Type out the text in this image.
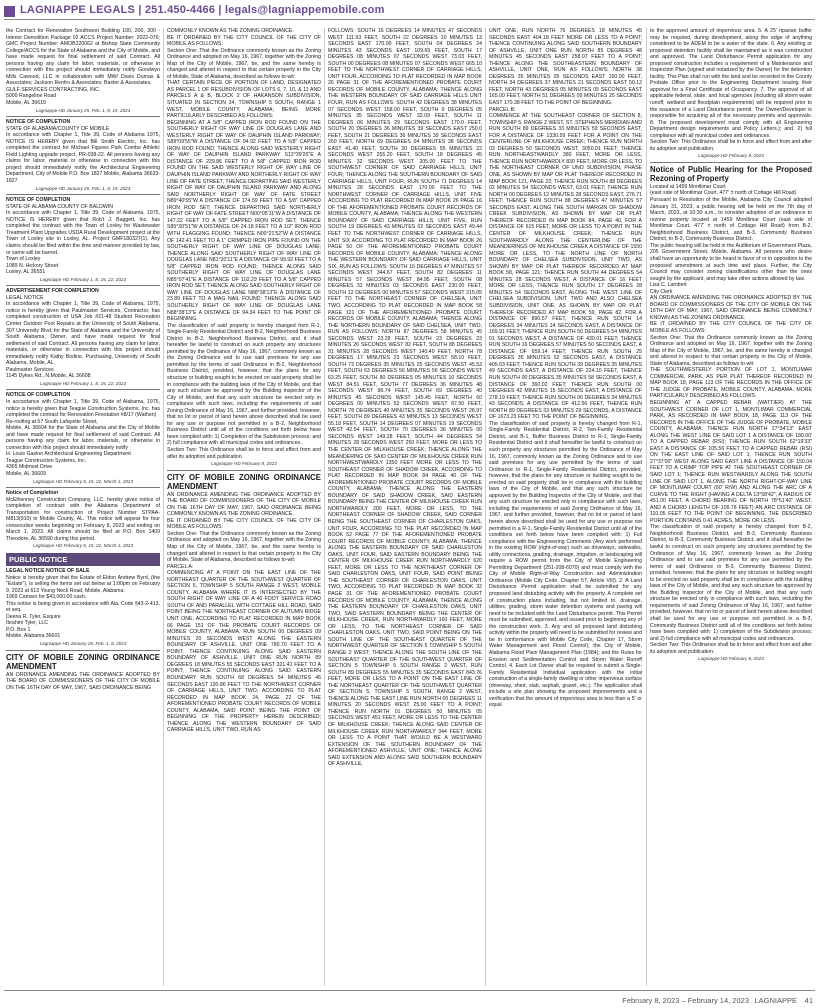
LAGNIAPPE LEGALS | 251.450-4466 | legals@lagniappemobile.com

the Contract for Renovation Southwest Building 100, 200, 300 - Interior Demolition Package 02 ACCS Project Number: 2022-076; GMC Project Number: AMOB220062 at Bishop State Community College/ACCS for the State of Alabama and the City of Mobile, and have made request for final settlement of said Contract. All persons having any claim for labor, materials, or otherwise in connection with this project should immediately notify Goodwyn Mills Cawood, LLC in collaboration with MW/ Davis Dumas & Associates; Jackson Renfro & Associates; Baxter & Associates.

GULF SERVICES CONTRACTING, INC.

5000 Rangeline Road

Mobile, AL 36619

Lagniappe HD January 25, Feb. 1, 8, 15, 2023
NOTICE OF COMPLETION

STATE OF ALABAMA/COUNTY OF MOBILE

In accordance with Chapter 1, Title 39, Code of Alabama 1975, NOTICE IS HEREBY given that Bill Smith Electric, Inc. has completed the contract for Michael Figures Park Combo Athletic Field Lighting upgrade project, PR-038-22. All persons having any claims for labor, material or otherwise in connection with this project should immediately notify the Architectural Engineering Department, City of Mobile P.O. Box 1827 Mobile, Alabama 36633-1827

Lagniappe HD January 25, Feb. 1, 8, 15, 2023
NOTICE OF COMPLETION

STATE OF ALABAMA COUNTY OF BALDWIN

In accordance with Chapter 1, Title 39, Code of Alabama, 1975, NOTICE IS HEREBY given that Rob't J. Baggett, Inc. has completed the contract with the Town of Loxley for Wastewater Treatment Plant Upgrades USDA Rural Development project at the Town of Loxley site in Loxley, AL. Project GMF180327(1). Any claims should be filed within the time and manner provided by law, or same will be barred.

Town of Loxley

1089 N. Hickory Street

Loxley, AL 36551

Lagniappe HD February 1, 8, 15, 22, 2023
ADVERTISEMENT FOR COMPLETION

LEGAL NOTICE

In accordance with Chapter 1, Title 39, Code of Alabama, 1975, notice is hereby given that Paulmaster Services, Contractor, has completed construction of USA Job #21-48 Student Recreation Center Outdoor Pool Repairs at the University of South Alabama, 307 University Blvd, for the State of Alabama and the University of South Alabama, Owner, and have made request for final settlement of said Contract. All persons having any claim for labor, materials, or otherwise in connection with this project should immediately notify Kathy Bodine, Purchasing, University of South Alabama, Mobile, AL.

Paulmaster Services

1145 Dykes Rd., N.Mobile, AL 36608

Lagniappe HD February 1, 8, 15, 22, 2023
NOTICE OF COMPLETION

In accordance with Chapter 1, Title 39, Code of Alabama, 1975, notice is hereby given that Teague Construction Systems, Inc. has completed the contract for Renovation Firestation #8/17 (Wathen)

Re-roofing at 57 South Lafayette Street,

Mobile, AL 36604 for the State of Alabama and the City of Mobile and have made request for final settlement of said Contract. All persons having any claim for labor, materials, or otherwise in connection with this project should immediately notify

H. Louis Gasker Architectural Engineering Department

Teague Construction Systems, Inc.

4365 Midmost Drive

Mobile, AL 36609

Lagniappe HD February 8, 15, 22, March 1, 2023
Notice of Completion

McElhenney Construction Company, LLC. hereby gives notice of completion of contract with the Alabama Department of Transportation for construction of Project Number STPAA-M813(910) in Mobile County, AL. This notice will appear for four consecutive weeks beginning on February 8, 2023 and ending on March 1, 2023. All claims should be filed at P.O. Box 1409 Theodore, AL 36590 during this period.

Lagniappe HD February 8, 15, 22, March 1, 2023
PUBLIC NOTICE
LEGAL NOTICE NOTICE OF SALE

Notice is hereby given that the Estate of Eldon Andrew Byrd, (the "Estate"), is selling the items set out below at 1:00pm on February 9, 2023 at 613 Young Neck Road, Mobile, Alabama:

1969 Camaro for $43,000.00 cash.

This notice is being given in accordance with Ala. Code §43-2-413, et seq.

Deena R. Tyler, Esquire

Ibrahim Tyler, LLC

P.O. Box 1

Mobile, Alabama 36601

Lagniappe HD January 25, Feb. 1, 8, 2023
CITY OF MOBILE ZONING ORDINANCE AMENDMENT

AN ORDINANCE AMENDING THE ORDINANCE ADOPTED BY THE BOARD OF COMMISSIONERS OF THE CITY OF MOBILE ON THE 16TH DAY OF MAY, 1967, SAID ORDINANCE BEING

COMMONLY KNOWN AS THE ZONING ORDINANCE.

BE IT ORDAINED BY THE CITY COUNCIL OF THE CITY OF MOBILE AS FOLLOWS:

Section One: That the Ordinance commonly known as the Zoning Ordinance and adopted on May 16, 1967, together with the Zoning Map of the City of Mobile, 1967, be, and the same hereby is changed and altered in respect to that certain property in the City of Mobile, State of Alabama, described as follows to-wit:

THAT CERTAIN PIECE OF PORTION OF LAND, DESIGNATED AS PARCEL 1 OF RESUBDIVISION OF LOTS 6, 7, 10, & 11 AND PARCELS A & B, BLOCK 2 OF HAKANSON SUBDIVISION, SITUATED IN SECTION 34, TOWNSHIP 5 SOUTH, RANGE 1 WEST, MOBILE COUNTY, ALABAMA; BEING MORE PARTICULARLY DESCRIBED AS FOLLOWS:

BEGINNING AT A 5/8" CAPPED IRON ROD FOUND ON THE SOUTHERLY RIGHT OF WAY LINE OF DOUGLAS LANE AND WESTERLY RIGHT OF WAY OF DAUPHIN ISLAND PARKWAY; S89°09'55"W A DISTANCE OF 94.92 FEET TO A 5/8" CAPPED IRON ROD FOUND; THENCE ALONG SAID WESTERLY RIGHT OF WAY OF DAUPHIN ISLAND PARKWAY S12°39'26"E A DISTANCE OF 229.86 FEET TO A 5/8" CAPPED IRON ROD FOUND ON THE SAID WESTERLY RIGHT OF WAY LINE OF DAUPHIN ISLAND PARKWAY AND NORTHERLY RIGHT OF WAY LINE OF FATE STREET, THENCE DEPARTING SAID WESTERLY RIGHT OF WAY OF DAUPHIN ISLAND PARKWAY AND ALONG SAID NORTHERLY RIGHT OF WAY OF FATE STREET N89°40'55"W A DISTANCE OF 174.59 FEET TO A 5/8" CAPPED IRON ROD SET; THENCE DEPARTING SAID NORTHERLY RIGHT OF WAY OF FATE STREET N00°05'11"W A DISTANCE OF 147.22 FEET TO A 5/8" CAPPED IRON ROD SET; THENCE S85°30'51"W A DISTANCE OF 24.18 FEET TO A 1/2" IRON ROD WITH FLAGGING FOUND; THENCE N00°21'52"W A DISTANCE OF 142.41 FEET TO A 1" CRIMPED IRON PIPE FOUND ON THE SOUTHERLY RIGHT OF WAY LINE OF DOUGLAS LANE; THENCE ALONG SAID SOUTHERLY RIGHT OF WAY LINE OF DOUGLAS LANE N81°20'11"E A DISTANCE OF 99.92 FEET TO A 5/8" CAPPED IRON ROD FOUND; THENCE ALONG SAID SOUTHERLY RIGHT OF WAY LINE OF DOUGLAS LANE N85°07'41"E A DISTANCE OF 102.29 FEET TO A 5/8" CAPPED IRON ROD SET; THENCE ALONG SAID SOUTHERLY RIGHT OF WAY LINE OF DOUGLAS LANE N88°38'13"E A DISTANCE OF 23.89 FEET TO A MAG NAIL FOUND; THENCE ALONG SAID SOUTHERLY RIGHT OF WAY LINE OF DOUGLAS LANE N88°38'13"E A DISTANCE OF 94.34 FEET TO THE POINT OF BEGINNING.

The classification of said property is hereby changed from R-1, Single-Family Residential District and B-2, Neighborhood Business District to B-2, Neighborhood Business District, and it shall hereafter be lawful to construct on such property any structures permitted by the Ordinance of May 16, 1967, commonly known as the Zoning Ordinance and to use said premises for any use permitted by the terms of said Ordinance in B-2, Neighborhood Business District, provided, however, that the plans for any structure or building sought to be erected on said property shall be in compliance with the building laws of the City of Mobile, and that any such structure be approved by the Building Inspector of the City of Mobile, and that any such structure be erected only in compliance with such laws, including the requirements of said Zoning Ordinance of May 16, 1967, and further provided, however, that no lot or parcel of land herein above described shall be used for any use or purpose not permitted in a B-2, Neighborhood Business District until all of the conditions set forth below have been complied with: 1) Completion of the Subdivision process; and 2) full compliance with all municipal codes and ordinances.

Section Two: This Ordinance shall be in force and effect from and after its adoption and publication.

Lagniappe HD February 8, 2023
CITY OF MOBILE ZONING ORDINANCE AMENDMENT

AN ORDINANCE AMENDING THE ORDINANCE ADOPTED BY THE BOARD OF COMMISSIONERS OF THE CITY OF MOBILE ON THE 16TH DAY OF MAY, 1967, SAID ORDINANCE BEING COMMONLY KNOWN AS THE ZONING ORDINANCE.

BE IT ORDAINED BY THE CITY COUNCIL OF THE CITY OF MOBILE AS FOLLOWS:

Section One: That the Ordinance commonly known as the Zoning Ordinance and adopted on May 16, 1967, together with the Zoning Map of the City of Mobile, 1967, be, and the same hereby is changed and altered in respect to that certain property in the City of Mobile, State of Alabama, described as follows to-wit:

PARCEL A:

COMMENCING AT A POINT ON THE EAST LINE OF THE NORTHEAST QUARTER OF THE SOUTHWEST QUARTER OF SECTION 5, TOWNSHIP 5 SOUTH RANGE 2 WEST, MOBILE COUNTY, ALABAMA WHERE IT IS INTERSECTED BY THE SOUTH RIGHT OF WAY LINE OF A 40 FOOT SERVICE ROAD SOUTH OF AND PARALLEL WITH COTTAGE HILL ROAD, SAID POINT BEING THE NORTHEAST CORNER OF AUTUMN RIDGE UNIT ONE, ACCORDING TO PLAT RECORDED IN MAP BOOK 66 PAGE 151 OF THE PROBATE COURT RECORDS OF MOBILE COUNTY, ALABAMA, RUN SOUTH 00 DEGREES 09 MINUTES 20 SECONDS WEST ALONG THE EASTERN BOUNDARY OF ASHVILLE, UNIT ONE 780.70 FEET TO A POINT; THENCE CONTINUING ALONG SAID EASTERN BOUNDARY OF ASHVILLE, UNIT ONE RUN NORTH 89 DEGREES 18 MINUTES 55 SECONDS EAST 321.41 FEET TO A POINT; THENCE CONTINUING ALONG SAID EASTERN BOUNDARY RUN SOUTH 68 DEGREES 54 MINUTES 46 SECONDS EAST 130.86 FEET TO THE NORTHWEST CORNER OF CARRIAGE HILLS, UNIT TWO, ACCORDING TO PLAT RECORDED IN MAP BOOK 24, PAGE 22 OF THE AFOREMENTIONED PROBATE COURT RECORDS OF MOBILE COUNTY, ALABAMA, SAID POINT BEING THE POINT OF BEGINNING OF THE PROPERTY HEREIN DESCRIBED; THENCE ALONG THE WESTERN BOUNDARY OF SAID CARRIAGE HILLS, UNIT TWO, RUN AS

FOLLOWS: SOUTH 16 DEGREES 14 MINUTES 47 SECONDS WEST 111.93 FEET, SOUTH 22 DEGREES 10 MINUTES 13 SECONDS EAST 170.00 FEET, SOUTH 04 DEGREES 24 MINUTES 43 SECONDS EAST 109.65 FEET, SOUTH 17 DEGREES 08 MINUTES 07 SECONDS WEST 73.03 FEET, SOUTH 00 DEGREES 08 MINUTES 07 SECONDS WEST 665.10 FEET TO THE NORTHWEST CORNER OF CARRIAGE HILLS, UNIT FOUR, ACCORDING TO PLAT RECORDED IN MAP BOOK 26 PAGE 31 OF THE AFOREMENTIONED PROBATE COURT RECORDS OF MOBILE COUNTY, ALABAMA; THENCE ALONG THE WESTERN BOUNDARY OF SAID CARRIAGE HILLS UNIT FOUR, RUN AS FOLLOWS: SOUTH 42 DEGREES 38 MINUTES 07 SECONDS WEST 158.00 FEET, SOUTH 9 DEGREES 05 MINUTES 35 SECONDS WEST 32.09 FEET, SOUTH 11 DEGREES 06 MINUTES 29 SECONDS EAST 170.0 FEET, SOUTH 20 DEGREES 36 MINUTES 39 SECONDS EAST 250.0 FEET, SOUTH 21 DEGREES 36 MINUTES 39 SECONDS EAST 260 FEET, NORTH 69 DEGREES 04 MINUTES 38 SECONDS EAST 41.40 FEET, SOUTH 20 DEGREES 55 MINUTES 22 SECONDS WEST 255.20 FEET, SOUTH 18 DEGREES 45 MINUTES 32 SECONDS WEST 205.00 FEET TO THE SOUTHWEST CORNER OF SAID CARRIAGE HILLS, UNIT FOUR; THENCE ALONG THE SOUTHERN BOUNDARY OF SAID CARRIAGE HILLS, UNIT FOUR, RUN SOUTH 71 DEGREES 14 MINUTES 28 SECONDS EAST 170.00 FEET TO THE NORTHWEST CORNER OF CARRIAGE HILLS, UNIT FIVE ACCORDING TO PLAT RECORDED IN MAP BOOK 26 PAGE 16 OF THE AFOREMENTIONED PROBATE COURT RECORDS OF MOBILE COUNTY, ALABAMA; THENCE ALONG THE WESTERN BOUNDARY OF SAID CARRIAGE HILLS, UNIT FIVE, RUN SOUTH 19 DEGREES 43 MINUTES 02 SECONDS EAST 49.44 FEET TO THE NORTHWEST CORNER OF CARRIAGE HILLS, UNIT SIX ACCORDING TO PLAT RECORDED IN MAP BOOK 26 PAGE 50 OF THE AFOREMENTIONED PROBATE COURT RECORDS OF MOBILE COUNTY, ALABAMA; THENCE ALONG THE WESTERN BOUNDARY OF SAID CARRIAGE HILLS, UNIT SIX, RUN AS FOLLOWS: SOUTH 16 DEGREES 47 MINUTES 57 SECONDS WEST 344.67 FEET, SOUTH 82 DEGREES 11 MINUTES 57 SECONDS WEST 84.95 FEET, SOUTH 08 DEGREES 32 MINUTES 03 SECONDS EAST 230.00 FEET, SOUTH 12 DEGREES 00 MINUTES 57 SECONDS WEST 215.05 FEET TO THE NORTHEAST CORNER OF CHELSEA, UNIT TWO, ACCORDING TO PLAT RECORDED IN MAP BOOK 58 PAGE 121 OF THE AFOREMENTIONED PROBATE COURT RECORDS OF MOBILE COUNTY, ALABAMA; THENCE ALONG THE NORTHERN BOUNDARY OF SAID CHELSEA, UNIT TWO, RUN AS FOLLOWS: NORTH 87 DEGREES 58 MINUTES 45 SECONDS WEST 23.28 FEET, SOUTH 23 DEGREES 23 MINUTES 26 SECONDS WEST 82 FEET, SOUTH 88 DEGREES 31 MINUTES 28 SECONDS WEST 140.40 FEET, NORTH 78 DEGREES 17 MINUTES 23 SECONDS WEST 58.10 FEET, SOUTH 73 DEGREES 35 MINUTES 25 SECONDS WEST 45.53 FEET, SOUTH 63 DEGREES 56 MINUTES 56 SECONDS WEST 63.25 FEET, SOUTH 80 DEGREES 05 MINUTES 10 SECONDS WEST 84.51 FEET, SOUTH 77 DEGREES 36 MINUTES 48 SECONDS WEST 96.74 FEET, SOUTH 69 DEGREES 40 MINUTES 45 SECONDS WEST 145.45 FEET, NORTH 60 DEGREES 00 MINUTES 52 SECONDS WEST 87.50 FEET, NORTH 78 DEGREES 40 MINUTES 35 SECONDS WEST 28.97 FEET, SOUTH 89 DEGREES 43 MINUTES 13 SECONDS WEST 55.18 FEET, SOUTH 14 DEGREES 07 MINUTES 19 SECONDS WEST 42.54 FEET, SOUTH 70 DEGREES 36 MINUTES 00 SECONDS WEST 149.28 FEET, SOUTH 44 DEGREES 54 MINUTES 28 SECONDS WEST 250 FEET, MORE OR LESS TO THE CENTER OF MILKHOUSE CREEK; THENCE ALONG THE MEANDERING OF SAID CENTER OF MILKHOUSE CREEK RUN NORTHWESTWARDLY 1350 FEET MORE OR LESS TO THE SOUTHEAST CORNER OF SHADOW CREEK, ACCORDING TO PLAT RECORDED IN MAP BOOK 84 PAGE 40 OF THE AFOREMENTIONED PROBATE COURT RECORDS OF MOBILE COUNTY, ALABAMA; THENCE ALONG THE EASTERN BOUNDARY OF SAID SHADOW CREEK, SAID EASTERN BOUNDARY BEING THE CENTER OF MILKHOUSE CREEK RUN NORTHWARDLY 200 FEET, MORE OR LESS, TO THE NORTHEAST CORNER OF SHADOW CREEK, SAID CORNER BEING THE SOUTHEAST CORNER OF CHARLESTON OAKS, UNIT FOUR, ACCORDING TO THE PLAT RECORDED IN MAP BOOK 52 PAGE 77 OF THE AFOREMENTIONED PROBATE COURT RECORDS OF MOBILE COUNTY, ALABAMA; THENCE ALONG THE EASTERN BOUNDARY OF SAID CHARLESTON OAKS, UNIT FOUR, SAID EASTERN BOUNDARY BEING THE CENTER OF MILKHOUSE CREEK RUN NORTHWARDLY 620 FEET, MORE OR LESS TO THE NORTHEAST CORNER OF SAID CHARLESTON OAKS, UNIT FOUR, SAID POINT BEING THE SOUTHEAST CORNER OF CHARLESTON OAKS, UNIT TWO, ACCORDING TO PLAT RECORDED IN MAP BOOK 32 PAGE 31 OF THE AFOREMENTIONED PROBATE COURT RECORDS OF MOBILE COUNTY, ALABAMA; THENCE ALONG THE EASTERN BOUNDARY OF CHARLESTON OAKS, UNIT TWO, SAID EASTERN BOUNDARY BEING THE CENTER OF MILKHOUSE CREEK, RUN NORTHWARDLY 160 FEET, MORE OR LESS, TO THE NORTHEAST CORNER OF SAID CHARLESTON OAKS, UNIT TWO, SAID POINT BEING ON THE SOUTH LINE OF THE SOUTHEAST QUARTER OF THE NORTHWEST QUARTER OF SECTION 5 TOWNSHIP 5 SOUTH RANGE 2 WEST; THENCE ALONG THE SOUTH LINE OF THE SOUTHEAST QUARTER OF THE SOUTHWEST QUARTER OF SECTION 5 TOWNSHIP 5 SOUTH RANGE 2 WEST, RUN SOUTH 89 DEGREES 55 MINUTES 35 SECONDS EAST 843.76 FEET, MORE OR LESS TO A POINT ON THE EAST LINE OF THE NORTHEAST QUARTER OF THE SOUTHWEST QUARTER OF SECTION 5, TOWNSHIP 5 SOUTH, RANGE 2 WEST, THENCE ALONG THE EAST LINE RUN NORTH 00 DEGREES 11 MINUTES 20 SECONDS WEST 25.00 FEET TO A POINT; THENCE RUN NORTH 01 DEGREES 50 MINUTES 05 SECONDS WEST 451 FEET, MORE OR LESS TO THE CENTER OF MILKHOUSE CREEK; THENCE ALONG SAID CENTER OF MILKHOUSE CREEK RUN NORTHWARDLY 344 FEET, MORE OR LESS TO A POINT THAT WOULD BE A WESTWARD EXTENSION OF THE SOUTHERN BOUNDARY OF THE AFOREMENTIONED ASHVILLE, UNIT ONE; THENCE ALONG SAID EXTENSION AND ALONG SAID SOUTHERN BOUNDARY OF ASHVILLE,

UNIT ONE, RUN NORTH 76 DEGREES 18 MINUTES 45 SECONDS EAST 404.18 FEET MORE OR LESS TO A POINT; THENCE CONTINUING ALONG SAID SOUTHERN BOUNDARY OF ASHVILLE, UNIT ONE RUN NORTH 85 DEGREES 48 MINUTES 45 SECONDS EAST 258.07 FEET TO A POINT; THENCE ALONG THE SOUTHEASTERN BOUNDARY OF ASHVILLE, UNIT ONE, RUN AS FOLLOWS: NORTH 38 DEGREES 35 MINUTES 05 SECONDS EAST 150.00 FEET, NORTH 34 DEGREES 37 MINUTES 21 SECONDS EAST 50.12 FEET, NORTH 43 DEGREES 05 MINUTES 05 SECONDS EAST 165.00 FEET, NORTH 51 DEGREES 09 MINUTES 25 SECONDS EAST 170.38 FEET TO THE POINT OF BEGINNING.

PARCEL B:

COMMENCE AT THE SOUTHEAST CORNER OF SECTION 8, TOWNSHIP 5, RANGE 2 WEST, ST. STEPHENS MERIDIAN AND RUN SOUTH 89 DEGREES 33 MINUTES 59 SECONDS EAST, FOR A DISTANCE OF 1330.59 FEET FOR A POINT ON THE CENTERLINE OF MILKHOUSE CREEK; THENCE RUN NORTH 03 DEGREES 50 SECONDS WEST, 3050.01 FEET; THENCE RUN NORTHEASTWARDLY 380 FEET, MORE OR LESS, THENCE RUN NORTHWARDLY 830 FEET, MORE OR LESS, TO THE NORTHEAST CORNER OF UNO SUBDIVISION, PHASE ONE, AS SHOWN BY MAP OR PLAT THEREOF RECORDED IN MAP BOOK 121, PAGE 22; THENCE RUN SOUTH 88 DEGREES 02 MINUTES 54 SECONDS WEST, 63.01 FEET; THENCE RUN NORTH 00 DEGREES 12 MINUTES 28 SECONDS EAST, 276.71 FEET; THENCE RUN SOUTH 88 DEGREES 47 MINUTES 57 SECONDS EAST, ALONG THE SOUTH MARGIN OF SHADOW CREEK SUBDIVISION, AS SHOWN BY MAP OR PLAT THEREOF RECORDED IN MAP BOOK 84, PAGE 40, FOR A DISTANCE OF 615 FEET, MORE OR LESS TO A POINT IN THE CENTER OF MILKHOUSE CREEK; THENCE RUN SOUTHWARDLY ALONG THE CENTERLINE OF THE MEANDERINGS OF MILKHOUSE CREEK A DISTANCE OF 1550 MORE OR LESS, TO THE NORTH LINE OF NORTH BOUNDARY OF CHELSEA SUBDIVISION, UNIT TWO, AS SHOWN BY MAP OR PLAT THEREOF RECORDED AT MAP BOOK 58, PAGE 121; THENCE RUN SOUTH 44 DEGREES 54 MINUTES 28 SECONDS WEST, A DISTANCE OF 16 FEET MORE OR LESS, THENCE RUN SOUTH 17 DEGREES 28 MINUTES 54 SECONDS EAST, ALONG THE WEST LINE OF CHELSEA SUBDIVISION, UNIT TWO AND ALSO CHELSEA SUBDIVISION, UNIT ONE, AS SHOWN BY MAP OR PLAT THEREOF RECORDED AT MAP BOOK 59, PAGE 82, FOR A DISTANCE OF 890.57 FEET, THENCE RUN SOUTH 14 DEGREES 34 MINUTES 24 SECONDS EAST, A DISTANCE OF 169.91 FEET; THENCE RUN SOUTH 50 DEGREES 54 MINUTES 01 SECONDS WEST, A DISTANCE OF 430.01 FEET; THENCE RUN SOUTH 16 DEGREES 57 MINUTES 50 SECONDS EAST, A DISTANCE OF 659.14 FEET; THENCE RUN SOUTH 25 DEGREES 35 MINUTES 52 SECONDS EAST, A DISTANCE 405.03 FEET; THENCE RUN SOUTH 39 DEGREES 35 MINUTES 49 SECONDS EAST, A DISTANCE OF 224.10 FEET, THENCE RUN SOUTH 00 DEGREES 35 MINUTES 58 SECONDS EAST, A DISTANCE OF 360.02 FEET; THENCE RUN SOUTH 00 DEGREES 42 MINUTES 15 SECONDS EAST, A DISTANCE OF 278.19 FEET; THENCE RUN SOUTH 06 DEGREES 34 MINUTES 43 SECONDS, A DISTANCE OF 412.56 FEET, THENCE RUN NORTH 89 DEGREES 33 MINUTES 29 SECONDS, A DISTANCE OF 1673.23 FEET TO THE POINT OF BEGINNING.

The classification of said property is hereby changed from R-1, Single-Family Residential District, R-2, Two-Family Residential District, and B-1, Buffer Business District to R-1, Single-Family Residential District and it shall hereafter be lawful to construct on such property any structures permitted by the Ordinance of May 16, 1967, commonly known as the Zoning Ordinance and to use said premises for any use permitted by the terms of said Ordinance in R-1, Single-Family Residential District, provided, however, that the plans for any structure or building sought to be erected on said property shall be in compliance with the building laws of the City of Mobile, and that any such structure be approved by the Building Inspector of the City of Mobile, and that any such structure be erected only in compliance with such laws, including the requirements of said Zoning Ordinance of May 16, 1967, and further provided, however, that no lot or parcel of land herein above described shall be used for any use or purpose not permitted in a R-1, Single-Family Residential District until all of the conditions set forth below have been complied with: 1) Full compliance with the Engineering Comments (Any work performed in the existing ROW (right-of-way) such as driveways, sidewalks, utility connections, grading, drainage, irrigation, or landscaping will require a ROW permit from the City of Mobile Engineering Permitting Department (251-208-6070) and must comply with the City of Mobile Right-of-Way Construction and Administration Ordinance (Mobile City Code, Chapter 57, Article VIII). 2. A Land Disturbance Permit application shall be submitted for any proposed land disturbing activity with the property. A complete set of construction plans including, but not limited to, drainage, utilities, grading, storm water detention systems and paving will need to be included with the Land Disturbance permit. This Permit must be submitted, approved, and issued prior to beginning any of the construction work. 3. Any and all proposed land disturbing activity within the property will need to be submitted for review and be in conformance with Mobile City Code, Chapter 17, Storm Water Management and Flood Control); the City of Mobile, Alabama Flood Plain Management Plan (1984); and the Rules for Erosion and Sedimentation Control and Storm Water Runoff Control. 4. Each Lot Owner shall be required to submit a Single-Family Residential/ Individual application with the initial construction of a single-family dwelling or other impervious surface (driveway, shed, slab, asphalt, gravel, etc.). The application shall include a site plan showing the proposed improvements and a verification that the amount of impervious area is less than a 5' or equal

to the approved amount of impervious area. 5. A 25' riparian buffer may be required, during development, along the edge of anything considered to be ADEM to be a water of the state. 6. Any existing or proposed detention facility shall be maintained as it was constructed and approved. The Land Disturbance Permit application for any proposed construction includes a requirement of a Maintenance and Inspection Plan (signed and notarized by the Owner) for the detention facility. This Plan shall run with the land and be recorded in the County Probate Office prior to the Engineering Department issuing their approval for a Final Certificate of Occupancy. 7. The approval of all applicable federal, state, and local agencies (including all storm water runoff, wetland and floodplain requirements) will be required prior to the issuance of a Land Disturbance permit. The Owner/Developer is responsible for acquiring all of the necessary permits and approvals. 8. The proposed development must comply with all Engineering Department design requirements and Policy Letters.); and, 2) full compliance with all municipal codes and ordinances.

Section Two: This Ordinance shall be in force and effect from and after its adoption and publication.

Lagniappe HD February 8, 2023
Notice of Public Hearing for the Proposed Rezoning of Property

Located at 1459 Montlimar Court

(east side of Montlimar Court, 477' ± north of Cottage Hill Road)

Pursuant to Resolution of the Mobile, Alabama City Council adopted January 31, 2023, a public hearing will be held on the 7th day of March, 2023, at 10:30 a.m., to consider adoption of an ordinance to rezone property located at 1459 Montlimar Court (east side of Montlimar Court, 477' ± north of Cottage Hill Road) from B-2, Neighborhood Business District, and B-3, Community Business District, to B-3, Community Business District.

The public hearing will be held in the Auditorium of Government Plaza, 205 Government Street, Mobile, Alabama. All persons who desire shall have an opportunity to be heard in favor of or in opposition to the proposed amendment at such time and place. Further, the City Council may consider zoning classifications other than the ones sought by the applicant, and may take other actions allowed by law.

Lisa C. Lambert

City Clerk

AN ORDINANCE AMENDING THE ORDINANCE ADOPTED BY THE BOARD OF COMMISSIONERS OF THE CITY OF MOBILE ON THE 16TH DAY OF MAY, 1967, SAID ORDINANCE BEING COMMONLY KNOWN AS THE ZONING ORDINANCE.

BE IT ORDAINED BY THE CITY COUNCIL OF THE CITY OF MOBILE AS FOLLOWS:

Section One: That the Ordinance commonly known as the Zoning Ordinance and adopted on May 16, 1967, together with the Zoning Map of the City of Mobile, 1967, be, and the same hereby is changed and altered in respect to that certain property in the City of Mobile, State of Alabama, described as follows to-wit:

THE SOUTHWESTERLY PORTION OF LOT 1, MONTLIMAR COMMERCIAL PARK, AS PER PLAT THEREOF RECORDED IN MAP BOOK 18, PAGE 113 OF THE RECORDS IN THE OFFICE OF THE JUDGE OF PROBATE, MOBILE COUNTY, ALABAMA. MORE PARTICULARLY DESCRIBED AS FOLLOWS:

BEGINNING AT A CAPPED REBAR (WATTIER) AT THE SOUTHWEST CORNER OF LOT 1, MONTLIMAR COMMERCIAL PARK, AS RECORDED IN MAP BOOK 18, PAGE 113 OF THE RECORDS IN THE OFFICE OF THE JUDGE OF PROBATE, MOBILE COUNTY, ALABAMA; THENCE RUN NORTH 27°34'13" EAST ALONG THE WEST LINE OF SAID LOT 1 A DISTANCE OF 180.00' TO A CAPPED REBAR (RSI); THENCE RUN SOUTH 62°19'33" EAST A DISTANCE OF 105.56 FEET TO A CAPPED REBAR (RSI) ON THE EAST LINE OF SAID LOT 1; THENCE RUN SOUTH 27°37'00" WEST ALONG SAID EAST LINE A DISTANCE OF 150.04 FEET TO A CRIMP TOP PIPE AT THE SOUTHEAST CORNER OF SAID LOT 1; THENCE RUN WESTWARDLY ALONG THE SOUTH LINE OF SAID LOT 1, ALONG THE NORTH RIGHT-OF-WAY LINE OF MONTLIMAR COURT (60' R/W) AND ALONG THE ARC OF A CURVE TO THE RIGHT (HAVING A DELTA 13°58'42", A RADIUS OF 451.00 FEET, A CHORD BEARING OF NORTH 78°51'40" WEST, AND A CHORD LENGTH OF 109.78 FEET) AN ARC DISTANCE OF 110.05 FEET TO THE POINT OF BEGINNING. THE DESCRIBED PORTION CONTAINS 0.41 ACRES, MORE OR LESS.

The classification of said property is hereby changed from B-2, Neighborhood Business District, and B-3, Community Business District, to B-3, Community Business District, and it shall hereafter be lawful to construct on such property any structures permitted by the Ordinance of May 16, 1967, commonly known as the Zoning Ordinance and to use said premises for any use permitted by the terms of said Ordinance in B-3, Community Business District, provided, however, that the plans for any structure or building sought to be erected on said property shall be in compliance with the building laws of the City of Mobile, and that any such structure be approved by the Building Inspector of the City of Mobile, and that any such structure be erected only in compliance with such laws, including the requirements of said Zoning Ordinance of May 16, 1967, and further provided, however, that no lot or parcel of land herein above described shall be used for any use or purpose not permitted in a B-3, Community Business District until all of the conditions set forth below have been complied with: 1) completion of the Subdivision process; and 2) full compliance with all municipal codes and ordinances.

Section Two: This Ordinance shall be in force and effect from and after its adoption and publication.

Lagniappe HD February 8, 2023
February 8, 2023 – February 14, 2023 LAGNIAPPE 41
